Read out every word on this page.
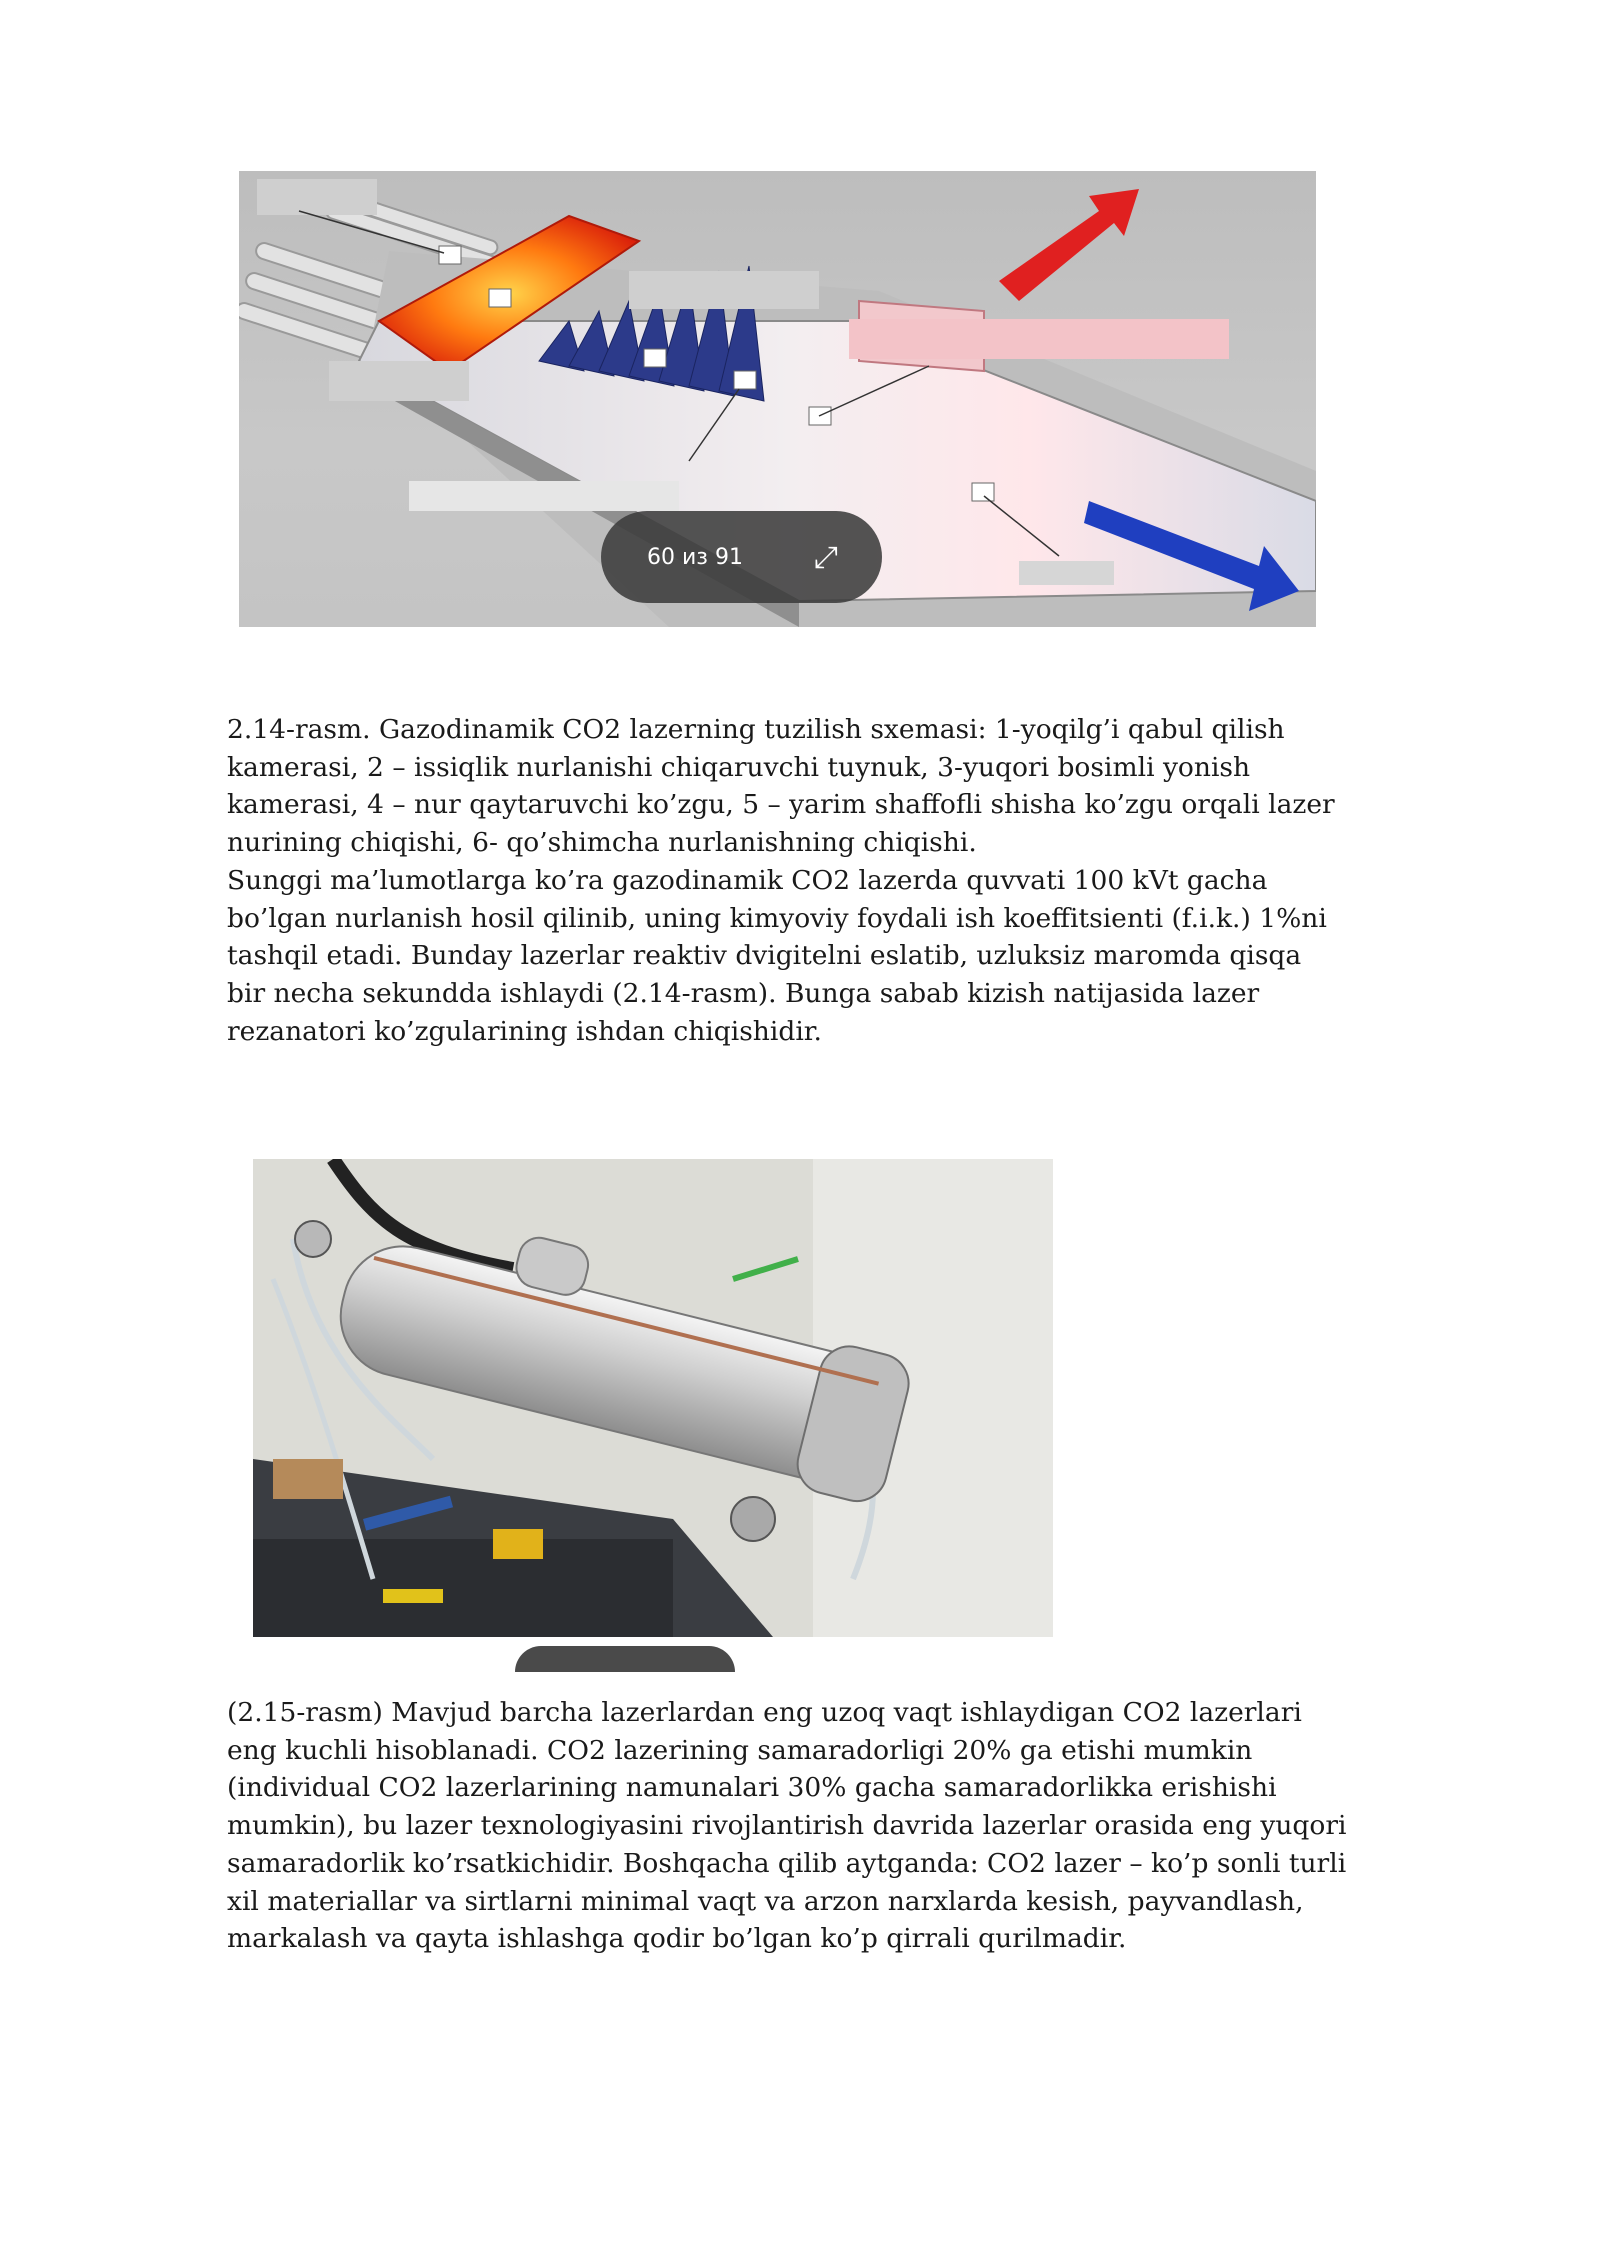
60 из 91 ⤢

2.14-rasm. Gazodinamik CO2 lazerning tuzilish sxemasi: 1-yoqilg’i qabul qilish kamerasi, 2 – issiqlik nurlanishi chiqaruvchi tuynuk, 3-yuqori bosimli yonish kamerasi, 4 – nur qaytaruvchi ko’zgu, 5 – yarim shaffofli shisha ko’zgu orqali lazer nurining chiqishi, 6- qo’shimcha nurlanishning chiqishi.

Sunggi ma’lumotlarga ko’ra gazodinamik CO2 lazerda quvvati 100 kVt gacha bo’lgan nurlanish hosil qilinib, uning kimyoviy foydali ish koeffitsienti (f.i.k.) 1%ni tashqil etadi. Bunday lazerlar reaktiv dvigitelni eslatib, uzluksiz maromda qisqa bir necha sekundda ishlaydi (2.14-rasm). Bunga sabab kizish natijasida lazer rezanatori ko’zgularining ishdan chiqishidir.

(2.15-rasm) Mavjud barcha lazerlardan eng uzoq vaqt ishlaydigan CO2 lazerlari eng kuchli hisoblanadi. CO2 lazerining samaradorligi 20% ga etishi mumkin (individual CO2 lazerlarining namunalari 30% gacha samaradorlikka erishishi mumkin), bu lazer texnologiyasini rivojlantirish davrida lazerlar orasida eng yuqori samaradorlik ko’rsatkichidir. Boshqacha qilib aytganda: CO2 lazer – ko’p sonli turli xil materiallar va sirtlarni minimal vaqt va arzon narxlarda kesish, payvandlash, markalash va qayta ishlashga qodir bo’lgan ko’p qirrali qurilmadir.
